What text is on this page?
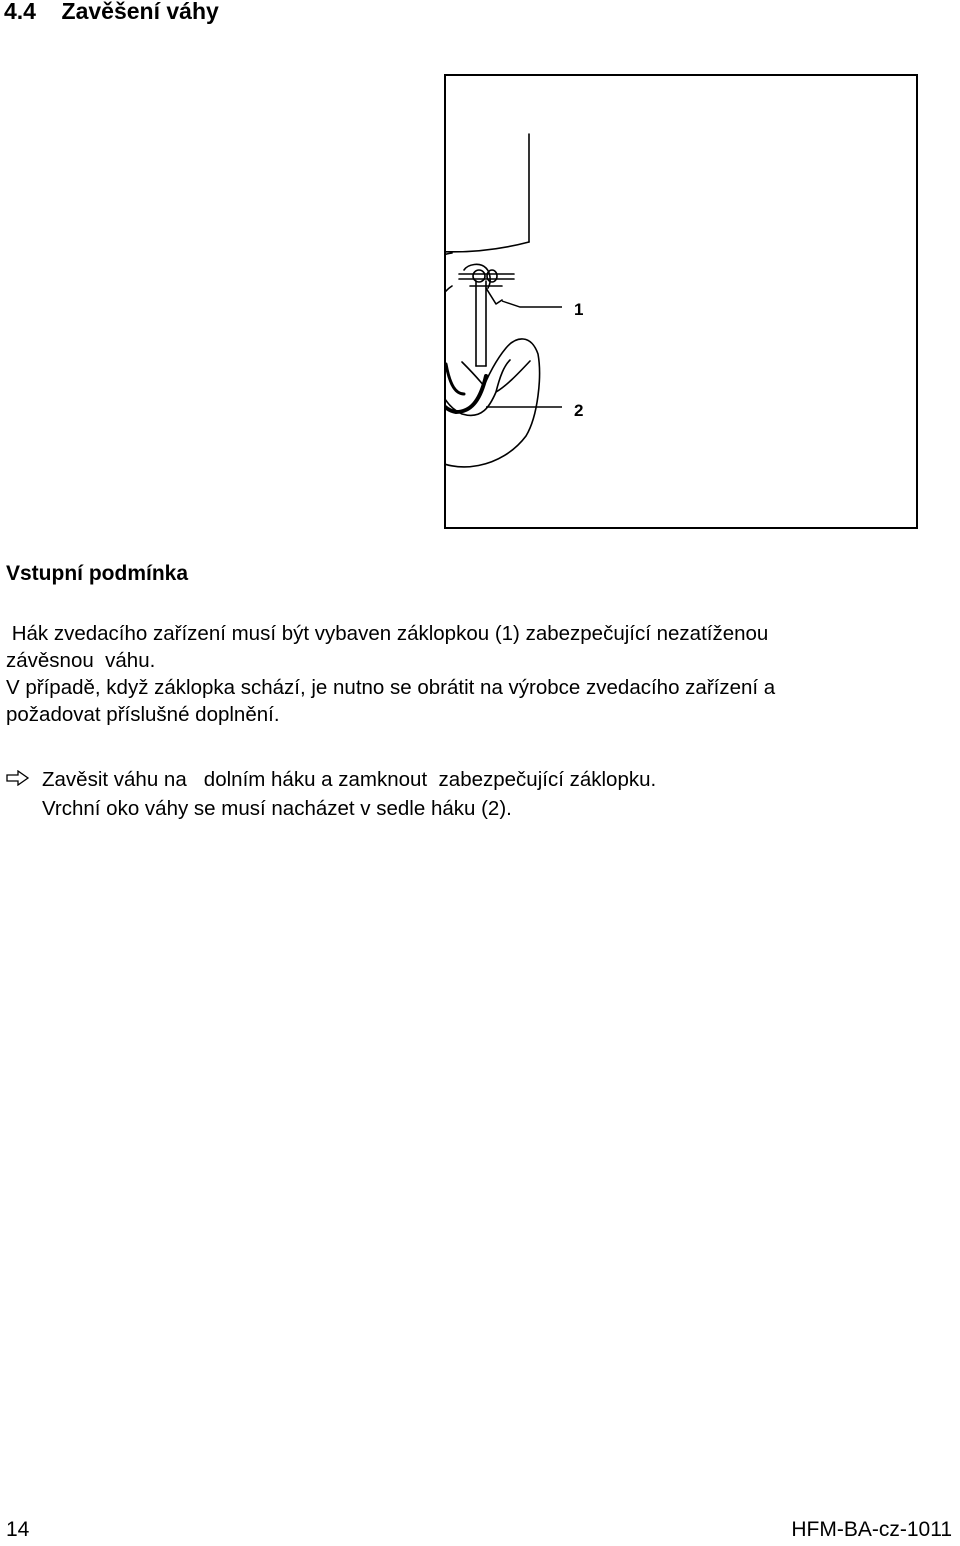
4.4 Zavěšení váhy
1
2
Vstupní podmínka
Hák zvedacího zařízení musí být vybaven záklopkou (1) zabezpečující nezatíženou
závěsnou  váhu.
V případě, když záklopka schází, je nutno se obrátit na výrobce zvedacího zařízení a
požadovat příslušné doplnění.
Zavěsit váhu na   dolním háku a zamknout  zabezpečující záklopku.
Vrchní oko váhy se musí nacházet v sedle háku (2).
14	HFM-BA-cz-1011
